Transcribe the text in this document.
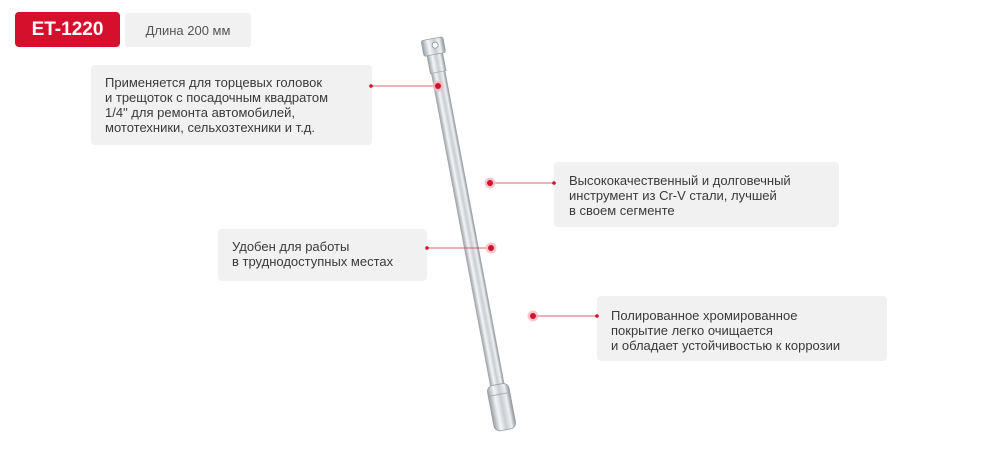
ET-1220	Длина 200 мм
Применяется для торцевых головок
и трещоток с посадочным квадратом
1/4" для ремонта автомобилей,
мототехники, сельхозтехники и т.д.
Высококачественный и долговечный
инструмент из Cr-V стали, лучшей
в своем сегменте
Удобен для работы
в труднодоступных местах
Полированное хромированное
покрытие легко очищается
и обладает устойчивостью к коррозии
